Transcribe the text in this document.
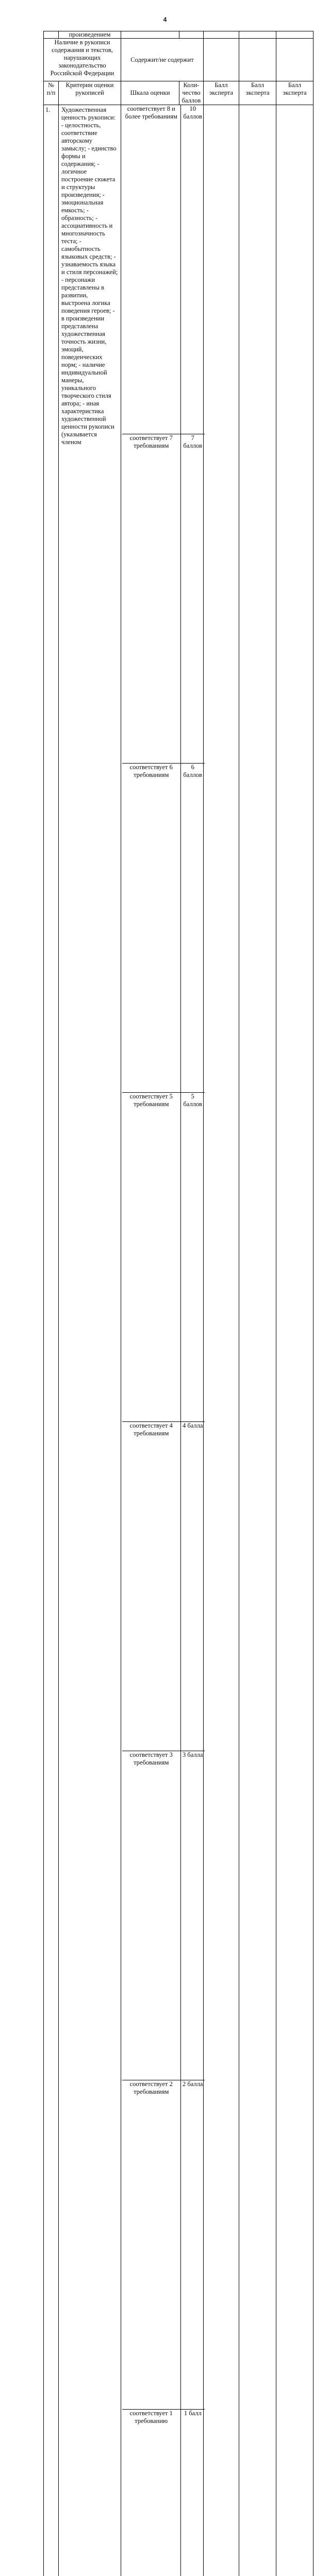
4
	произведением					
Наличие в рукописи содержания и текстов, нарушающих законодательство Российской Федерации	Содержит/не содержит			
№ п/п	Критерии оценки рукописей	Шкала оценки	Коли-чество баллов	Балл эксперта	Балл эксперта	Балл эксперта
1.	Художественная ценность рукописи: - целостность, соответствие авторскому замыслу; - единство формы и содержания; - логичное построение сюжета и структуры произведения; - эмоциональная емкость; - образность; - ассоциативность и многозначность теста; - самобытность языковых средств; - узнаваемость языка и стиля персонажей; - персонажи представлены в развитии, выстроена логика поведения героев; - в произведении представлена художественная точность жизни, эмоций, поведенческих норм; - наличие индивидуальной манеры, уникального творческого стиля автора; - иная характеристика художественной ценности рукописи (указывается членом

соответствует 8 и более требованиям	10 баллов
соответствует 7 требованиям	7 баллов
соответствует 6 требованиям	6 баллов
соответствует 5 требованиям	5 баллов
соответствует 4 требованиям	4 балла
соответствует 3 требованиям	3 балла
соответствует 2 требованиям	2 балла
соответствует 1 требованию	1 балл
